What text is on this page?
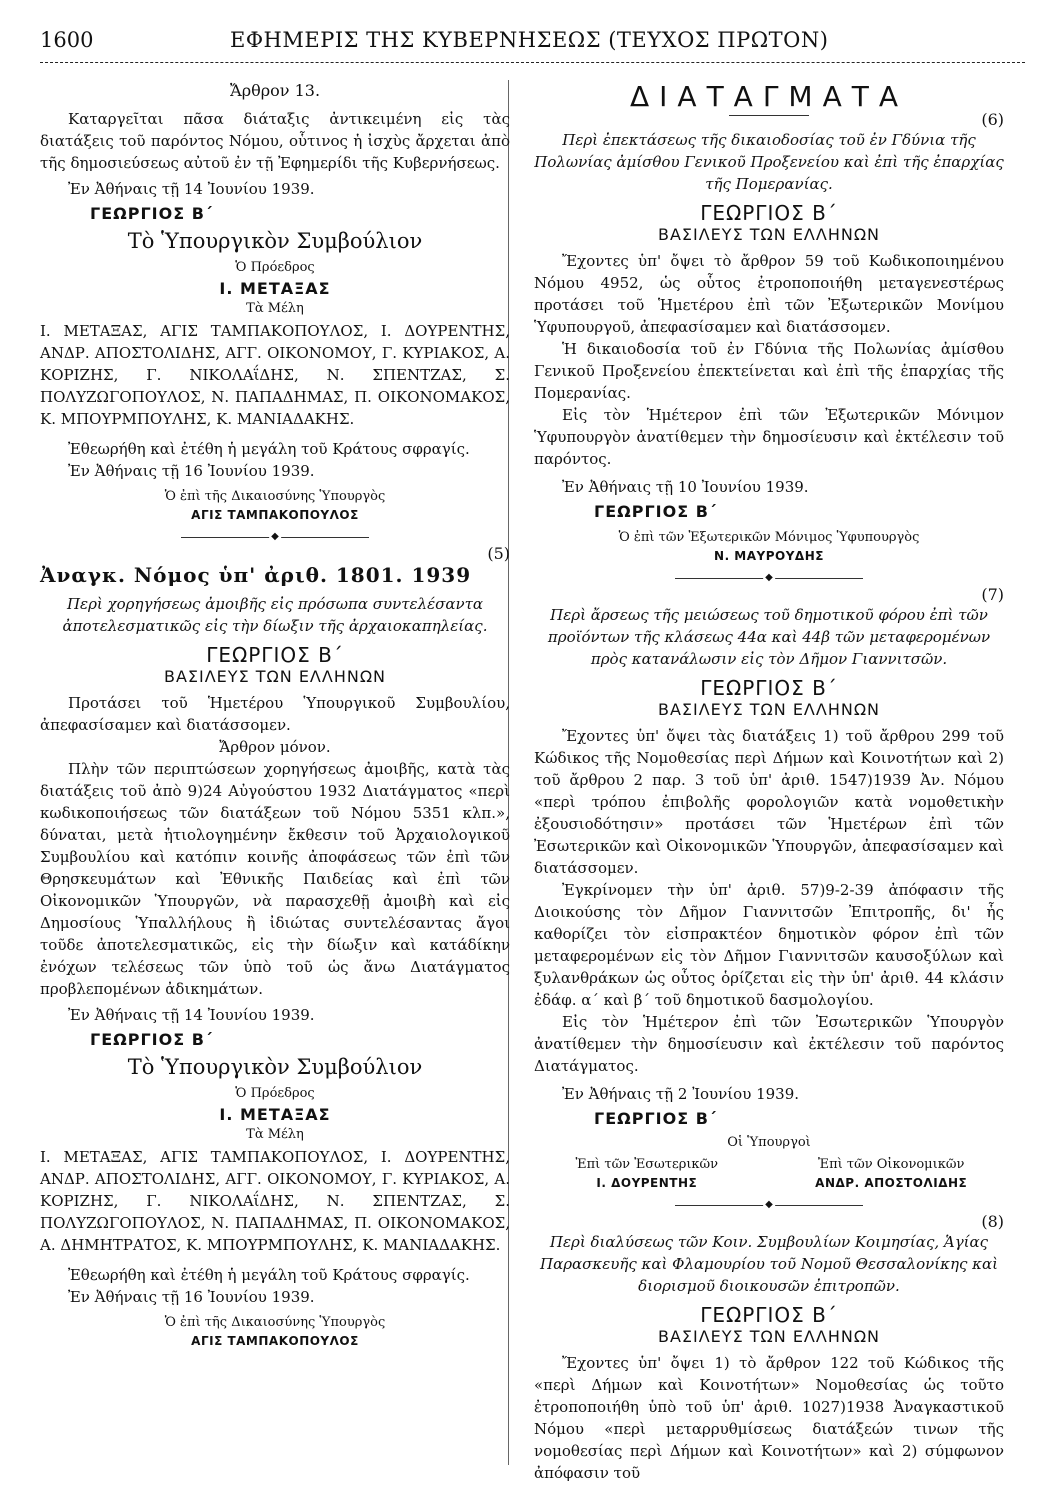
1600	ΕΦΗΜΕΡΙΣ ΤΗΣ ΚΥΒΕΡΝΗΣΕΩΣ (ΤΕΥΧΟΣ ΠΡΩΤΟΝ)

Ἄρθρον 13.

Καταργεῖται πᾶσα διάταξις ἀντικειμένη εἰς τὰς διατάξεις τοῦ παρόντος Νόμου, οὗτινος ἡ ἰσχὺς ἄρχεται ἀπὸ τῆς δημοσιεύσεως αὐτοῦ ἐν τῇ Ἐφημερίδι τῆς Κυβερνήσεως.

Ἐν Ἀθήναις τῇ 14 Ἰουνίου 1939.

ΓΕΩΡΓΙΟΣ Β΄

Τὸ Ὑπουργικὸν Συμβούλιον

Ὁ Πρόεδρος

Ι. ΜΕΤΑΞΑΣ

Τὰ Μέλη

Ι. ΜΕΤΑΞΑΣ, ΑΓΙΣ ΤΑΜΠΑΚΟΠΟΥΛΟΣ, Ι. ΔΟΥΡΕΝΤΗΣ, ΑΝΔΡ. ΑΠΟΣΤΟΛΙΔΗΣ, ΑΓΓ. ΟΙΚΟΝΟΜΟΥ, Γ. ΚΥΡΙΑΚΟΣ, Α. ΚΟΡΙΖΗΣ, Γ. ΝΙΚΟΛΑΐΔΗΣ, Ν. ΣΠΕΝΤΖΑΣ, Σ. ΠΟΛΥΖΩΓΟΠΟΥΛΟΣ, Ν. ΠΑΠΑΔΗΜΑΣ, Π. ΟΙΚΟΝΟΜΑΚΟΣ, Κ. ΜΠΟΥΡΜΠΟΥΛΗΣ, Κ. ΜΑΝΙΑΔΑΚΗΣ.

Ἐθεωρήθη καὶ ἐτέθη ἡ μεγάλη τοῦ Κράτους σφραγίς.

Ἐν Ἀθήναις τῇ 16 Ἰουνίου 1939.

Ὁ ἐπὶ τῆς Δικαιοσύνης Ὑπουργὸς

ΑΓΙΣ ΤΑΜΠΑΚΟΠΟΥΛΟΣ

◆

(5)

Ἀναγκ. Νόμος ὑπ' ἀριθ. 1801. 1939

Περὶ χορηγήσεως ἀμοιβῆς εἰς πρόσωπα συντελέσαντα ἀποτελεσματικῶς εἰς τὴν δίωξιν τῆς ἀρχαιοκαπηλείας.

ΓΕΩΡΓΙΟΣ Β΄

ΒΑΣΙΛΕΥΣ ΤΩΝ ΕΛΛΗΝΩΝ

Προτάσει τοῦ Ἡμετέρου Ὑπουργικοῦ Συμβουλίου, ἀπεφασίσαμεν καὶ διατάσσομεν.

Ἄρθρον μόνον.

Πλὴν τῶν περιπτώσεων χορηγήσεως ἀμοιβῆς, κατὰ τὰς διατάξεις τοῦ ἀπὸ 9)24 Αὐγούστου 1932 Διατάγματος «περὶ κωδικοποιήσεως τῶν διατάξεων τοῦ Νόμου 5351 κλπ.», δύναται, μετὰ ἠτιολογημένην ἔκθεσιν τοῦ Ἀρχαιολογικοῦ Συμβουλίου καὶ κατόπιν κοινῆς ἀποφάσεως τῶν ἐπὶ τῶν Θρησκευμάτων καὶ Ἐθνικῆς Παιδείας καὶ ἐπὶ τῶν Οἰκονομικῶν Ὑπουργῶν, νὰ παρασχεθῇ ἀμοιβὴ καὶ εἰς Δημοσίους Ὑπαλλήλους ἢ ἰδιώτας συντελέσαντας ἄγοι τοῦδε ἀποτελεσματικῶς, εἰς τὴν δίωξιν καὶ κατάδίκην ἐνόχων τελέσεως τῶν ὑπὸ τοῦ ὡς ἄνω Διατάγματος προβλεπομένων ἀδικημάτων.

Ἐν Ἀθήναις τῇ 14 Ἰουνίου 1939.

ΓΕΩΡΓΙΟΣ Β΄

Τὸ Ὑπουργικὸν Συμβούλιον

Ὁ Πρόεδρος

Ι. ΜΕΤΑΞΑΣ

Τὰ Μέλη

Ι. ΜΕΤΑΞΑΣ, ΑΓΙΣ ΤΑΜΠΑΚΟΠΟΥΛΟΣ, Ι. ΔΟΥΡΕΝΤΗΣ, ΑΝΔΡ. ΑΠΟΣΤΟΛΙΔΗΣ, ΑΓΓ. ΟΙΚΟΝΟΜΟΥ, Γ. ΚΥΡΙΑΚΟΣ, Α. ΚΟΡΙΖΗΣ, Γ. ΝΙΚΟΛΑΐΔΗΣ, Ν. ΣΠΕΝΤΖΑΣ, Σ. ΠΟΛΥΖΩΓΟΠΟΥΛΟΣ, Ν. ΠΑΠΑΔΗΜΑΣ, Π. ΟΙΚΟΝΟΜΑΚΟΣ, Α. ΔΗΜΗΤΡΑΤΟΣ, Κ. ΜΠΟΥΡΜΠΟΥΛΗΣ, Κ. ΜΑΝΙΑΔΑΚΗΣ.

Ἐθεωρήθη καὶ ἐτέθη ἡ μεγάλη τοῦ Κράτους σφραγίς.

Ἐν Ἀθήναις τῇ 16 Ἰουνίου 1939.

Ὁ ἐπὶ τῆς Δικαιοσύνης Ὑπουργὸς

ΑΓΙΣ ΤΑΜΠΑΚΟΠΟΥΛΟΣ

ΔΙΑΤΑΓΜΑΤΑ

(6)

Περὶ ἐπεκτάσεως τῆς δικαιοδοσίας τοῦ ἐν Γδύνια τῆς Πολωνίας ἀμίσθου Γενικοῦ Προξενείου καὶ ἐπὶ τῆς ἐπαρχίας τῆς Πομερανίας.

ΓΕΩΡΓΙΟΣ Β΄

ΒΑΣΙΛΕΥΣ ΤΩΝ ΕΛΛΗΝΩΝ

Ἔχοντες ὑπ' ὄψει τὸ ἄρθρον 59 τοῦ Κωδικοποιημένου Νόμου 4952, ὡς οὗτος ἐτροποποιήθη μεταγενεστέρως προτάσει τοῦ Ἡμετέρου ἐπὶ τῶν Ἐξωτερικῶν Μονίμου Ὑφυπουργοῦ, ἀπεφασίσαμεν καὶ διατάσσομεν.

Ἡ δικαιοδοσία τοῦ ἐν Γδύνια τῆς Πολωνίας ἀμίσθου Γενικοῦ Προξενείου ἐπεκτείνεται καὶ ἐπὶ τῆς ἐπαρχίας τῆς Πομερανίας.

Εἰς τὸν Ἡμέτερον ἐπὶ τῶν Ἐξωτερικῶν Μόνιμον Ὑφυπουργὸν ἀνατίθεμεν τὴν δημοσίευσιν καὶ ἐκτέλεσιν τοῦ παρόντος.

Ἐν Ἀθήναις τῇ 10 Ἰουνίου 1939.

ΓΕΩΡΓΙΟΣ Β΄

Ὁ ἐπὶ τῶν Ἐξωτερικῶν Μόνιμος Ὑφυπουργὸς

Ν. ΜΑΥΡΟΥΔΗΣ

◆

(7)

Περὶ ἄρσεως τῆς μειώσεως τοῦ δημοτικοῦ φόρου ἐπὶ τῶν προϊόντων τῆς κλάσεως 44α καὶ 44β τῶν μεταφερομένων πρὸς κατανάλωσιν εἰς τὸν Δῆμον Γιαννιτσῶν.

ΓΕΩΡΓΙΟΣ Β΄

ΒΑΣΙΛΕΥΣ ΤΩΝ ΕΛΛΗΝΩΝ

Ἔχοντες ὑπ' ὄψει τὰς διατάξεις 1) τοῦ ἄρθρου 299 τοῦ Κώδικος τῆς Νομοθεσίας περὶ Δήμων καὶ Κοινοτήτων καὶ 2) τοῦ ἄρθρου 2 παρ. 3 τοῦ ὑπ' ἀριθ. 1547)1939 Ἀν. Νόμου «περὶ τρόπου ἐπιβολῆς φορολογιῶν κατὰ νομοθετικὴν ἐξουσιοδότησιν» προτάσει τῶν Ἡμετέρων ἐπὶ τῶν Ἐσωτερικῶν καὶ Οἰκονομικῶν Ὑπουργῶν, ἀπεφασίσαμεν καὶ διατάσσομεν.

Ἐγκρίνομεν τὴν ὑπ' ἀριθ. 57)9-2-39 ἀπόφασιν τῆς Διοικούσης τὸν Δῆμον Γιαννιτσῶν Ἐπιτροπῆς, δι' ἧς καθορίζει τὸν εἰσπρακτέον δημοτικὸν φόρον ἐπὶ τῶν μεταφερομένων εἰς τὸν Δῆμον Γιαννιτσῶν καυσοξύλων καὶ ξυλανθράκων ὡς οὗτος ὁρίζεται εἰς τὴν ὑπ' ἀριθ. 44 κλάσιν ἐδάφ. α΄ καὶ β΄ τοῦ δημοτικοῦ δασμολογίου.

Εἰς τὸν Ἡμέτερον ἐπὶ τῶν Ἐσωτερικῶν Ὑπουργὸν ἀνατίθεμεν τὴν δημοσίευσιν καὶ ἐκτέλεσιν τοῦ παρόντος Διατάγματος.

Ἐν Ἀθήναις τῇ 2 Ἰουνίου 1939.

ΓΕΩΡΓΙΟΣ Β΄

Οἱ Ὑπουργοὶ

Ἐπὶ τῶν Ἐσωτερικῶν

Ι. ΔΟΥΡΕΝΤΗΣ

Ἐπὶ τῶν Οἰκονομικῶν

ΑΝΔΡ. ΑΠΟΣΤΟΛΙΔΗΣ

◆

(8)

Περὶ διαλύσεως τῶν Κοιν. Συμβουλίων Κοιμησίας, Ἁγίας Παρασκευῆς καὶ Φλαμουρίου τοῦ Νομοῦ Θεσσαλονίκης καὶ διορισμοῦ διοικουσῶν ἐπιτροπῶν.

ΓΕΩΡΓΙΟΣ Β΄

ΒΑΣΙΛΕΥΣ ΤΩΝ ΕΛΛΗΝΩΝ

Ἔχοντες ὑπ' ὄψει 1) τὸ ἄρθρον 122 τοῦ Κώδικος τῆς «περὶ Δήμων καὶ Κοινοτήτων» Νομοθεσίας ὡς τοῦτο ἐτροποποιήθη ὑπὸ τοῦ ὑπ' ἀριθ. 1027)1938 Ἀναγκαστικοῦ Νόμου «περὶ μεταρρυθμίσεως διατάξεών τινων τῆς νομοθεσίας περὶ Δήμων καὶ Κοινοτήτων» καὶ 2) σύμφωνον ἀπόφασιν τοῦ
